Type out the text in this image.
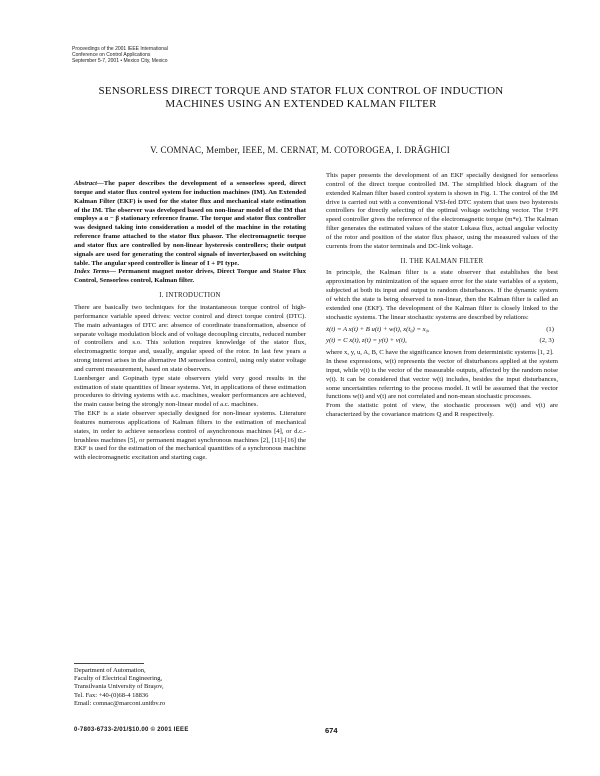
Proceedings of the 2001 IEEE International
Conference on Control Applications
September 5-7, 2001 • Mexico City, Mexico
SENSORLESS DIRECT TORQUE AND STATOR FLUX CONTROL OF INDUCTION MACHINES USING AN EXTENDED KALMAN FILTER
V. COMNAC, Member, IEEE, M. CERNAT, M. COTOROGEA, I. DRĂGHICI

Abstract—The paper describes the development of a sensorless speed, direct torque and stator flux control system for induction machines (IM). An Extended Kalman Filter (EKF) is used for the stator flux and mechanical state estimation of the IM. The observer was developed based on non-linear model of the IM that employs a α − β stationary reference frame. The torque and stator flux controller was designed taking into consideration a model of the machine in the rotating reference frame attached to the stator flux phasor. The electromagnetic torque and stator flux are controlled by non-linear hysteresis controllers; their output signals are used for generating the control signals of inverter,based on switching table. The angular speed controller is linear of I + PI type.

Index Terms— Permanent magnet motor drives, Direct Torque and Stator Flux Control, Sensorless control, Kalman filter.

I. INTRODUCTION

There are basically two techniques for the instantaneous torque control of high-performance variable speed drives: vector control and direct torque control (DTC). The main advantages of DTC are: absence of coordinate transformation, absence of separate voltage modulation block and of voltage decoupling circuits, reduced number of controllers and s.o. This solution requires knowledge of the stator flux, electromagnetic torque and, usually, angular speed of the rotor. In last few years a strong interest arises in the alternative IM sensorless control, using only stator voltage and current measurement, based on state observers.

Luenberger and Gopinath type state observers yield very good results in the estimation of state quantities of linear systems. Yet, in applications of these estimation procedures to driving systems with a.c. machines, weaker performances are achieved, the main cause being the strongly non-linear model of a.c. machines.

The EKF is a state observer specially designed for non-linear systems. Literature features numerous applications of Kalman filters to the estimation of mechanical states, in order to achieve sensorless control of asynchronous machines [4], or d.c.-brushless machines [5], or permanent magnet synchronous machines [2], [11]-[16] the EKF is used for the estimation of the mechanical quantities of a synchronous machine with electromagnetic excitation and starting cage.

Department of Automation,
Faculty of Electrical Engineering,
Transilvania University of Braşov,
Tel. Fax: +40-(0)68-4 18836
Email: comnac@marconi.unitbv.ro

This paper presents the development of an EKF specially designed for sensorless control of the direct torque controlled IM. The simplified block diagram of the extended Kalman filter based control system is shown in Fig. 1. The control of the IM drive is carried out with a conventional VSI-fed DTC system that uses two hysteresis controllers for directly selecting of the optimal voltage switching vector. The I+PI speed controller gives the reference of the electromagnetic torque (m*e). The Kalman filter generates the estimated values of the stator Lukasa flux, actual angular velocity of the rotor and position of the stator flux phasor, using the measured values of the currents from the stator terminals and DC-link voltage.

II. THE KALMAN FILTER

In principle, the Kalman filter is a state observer that establishes the best approximation by minimization of the square error for the state variables of a system, subjected at both its input and output to random disturbances. If the dynamic system of which the state is being observed is non-linear, then the Kalman filter is called an extended one (EKF). The development of the Kalman filter is closely linked to the stochastic systems. The linear stochastic systems are described by relations:

ẋ(t) = A x(t) + B u(t) + w(t), x(t₀) = x₀,	(1)
y(t) = C x(t), z(t) = y(t) + v(t),	(2, 3)

where x, y, u, A, B, C have the significance known from deterministic systems [1, 2].

In these expressions, w(t) represents the vector of disturbances applied at the system input, while v(t) is the vector of the measurable outputs, affected by the random noise v(t). It can be considered that vector w(t) includes, besides the input disturbances, some uncertainties referring to the process model. It will be assumed that the vector functions w(t) and v(t) are not correlated and non-mean stochastic processes.

From the statistic point of view, the stochastic processes w(t) and v(t) are characterized by the covariance matrices Q and R respectively.

0-7803-6733-2/01/$10.00 © 2001 IEEE	674
